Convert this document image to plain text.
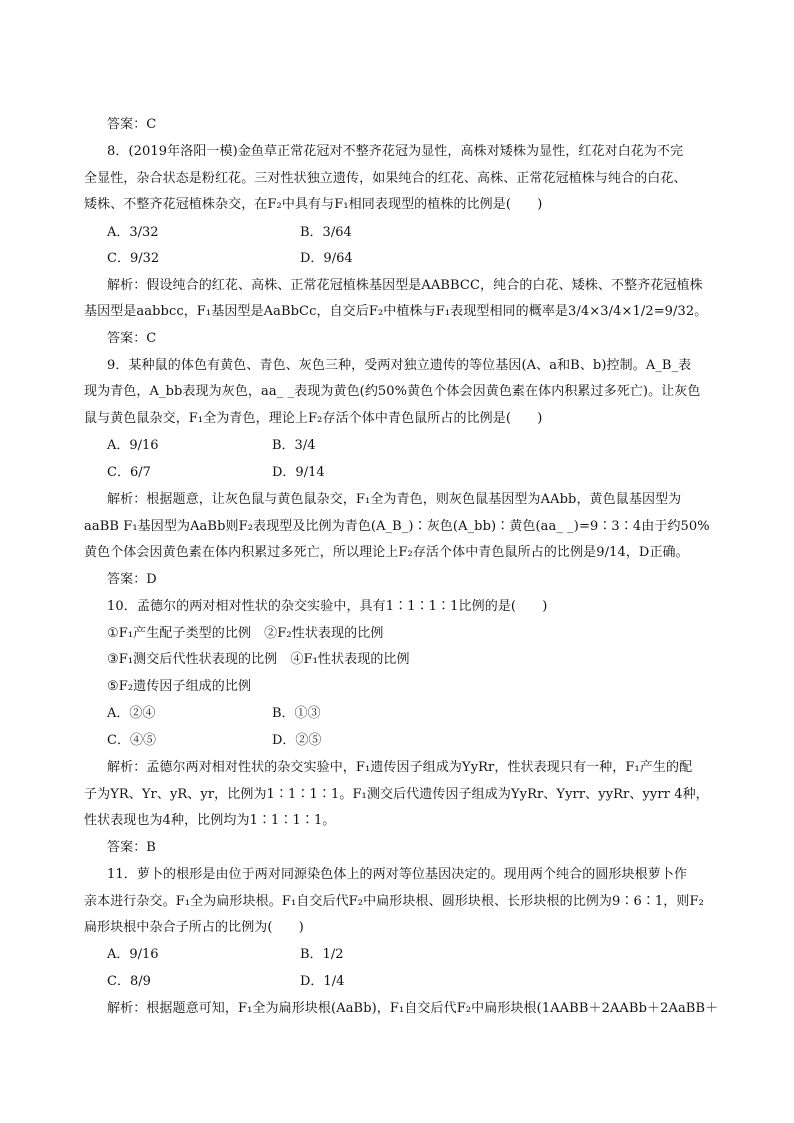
答案：C
8．(2019年洛阳一模)金鱼草正常花冠对不整齐花冠为显性，高株对矮株为显性，红花对白花为不完
全显性，杂合状态是粉红花。三对性状独立遗传，如果纯合的红花、高株、正常花冠植株与纯合的白花、
矮株、不整齐花冠植株杂交，在F₂中具有与F₁相同表现型的植株的比例是(　　)
A．3/32	B．3/64
C．9/32	D．9/64
解析：假设纯合的红花、高株、正常花冠植株基因型是AABBCC，纯合的白花、矮株、不整齐花冠植株
基因型是aabbcc，F₁基因型是AaBbCc，自交后F₂中植株与F₁表现型相同的概率是3/4×3/4×1/2=9/32。
答案：C
9．某种鼠的体色有黄色、青色、灰色三种，受两对独立遗传的等位基因(A、a和B、b)控制。A_B_表
现为青色，A_bb表现为灰色，aa_ _表现为黄色(约50%黄色个体会因黄色素在体内积累过多死亡)。让灰色
鼠与黄色鼠杂交，F₁全为青色，理论上F₂存活个体中青色鼠所占的比例是(　　)
A．9/16	B．3/4
C．6/7	D．9/14
解析：根据题意，让灰色鼠与黄色鼠杂交，F₁全为青色，则灰色鼠基因型为AAbb，黄色鼠基因型为
aaBB F₁基因型为AaBb则F₂表现型及比例为青色(A_B_)∶灰色(A_bb)∶黄色(aa_ _)=9∶3∶4由于约50%
黄色个体会因黄色素在体内积累过多死亡，所以理论上F₂存活个体中青色鼠所占的比例是9/14，D正确。
答案：D
10．孟德尔的两对相对性状的杂交实验中，具有1∶1∶1∶1比例的是(　　)
①F₁产生配子类型的比例　②F₂性状表现的比例
③F₁测交后代性状表现的比例　④F₁性状表现的比例
⑤F₂遗传因子组成的比例
A．②④	B．①③
C．④⑤	D．②⑤
解析：孟德尔两对相对性状的杂交实验中，F₁遗传因子组成为YyRr，性状表现只有一种，F₁产生的配
子为YR、Yr、yR、yr，比例为1∶1∶1∶1。F₁测交后代遗传因子组成为YyRr、Yyrr、yyRr、yyrr 4种，
性状表现也为4种，比例均为1∶1∶1∶1。
答案：B
11．萝卜的根形是由位于两对同源染色体上的两对等位基因决定的。现用两个纯合的圆形块根萝卜作
亲本进行杂交。F₁全为扁形块根。F₁自交后代F₂中扁形块根、圆形块根、长形块根的比例为9∶6∶1，则F₂
扁形块根中杂合子所占的比例为(　　)
A．9/16	B．1/2
C．8/9	D．1/4
解析：根据题意可知，F₁全为扁形块根(AaBb)，F₁自交后代F₂中扁形块根(1AABB＋2AABb＋2AaBB＋
